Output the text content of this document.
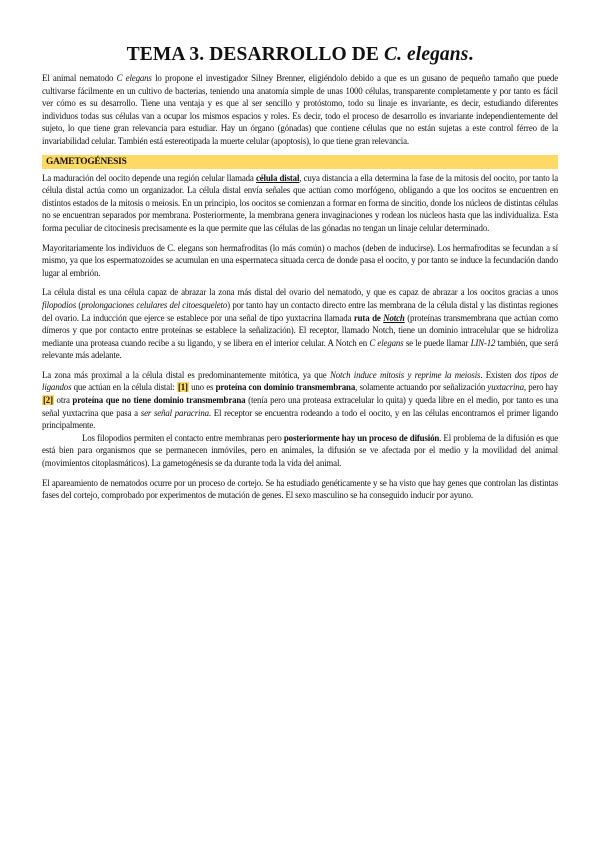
TEMA 3. DESARROLLO DE C. elegans.

El animal nematodo C elegans lo propone el investigador Silney Brenner, eligiéndolo debido a que es un gusano de pequeño tamaño que puede cultivarse fácilmente en un cultivo de bacterias, teniendo una anatomía simple de unas 1000 células, transparente completamente y por tanto es fácil ver cómo es su desarrollo. Tiene una ventaja y es que al ser sencillo y protóstomo, todo su linaje es invariante, es decir, estudiando diferentes individuos todas sus células van a ocupar los mismos espacios y roles. Es decir, todo el proceso de desarrollo es invariante independientemente del sujeto, lo que tiene gran relevancia para estudiar. Hay un órgano (gónadas) que contiene células que no están sujetas a este control férreo de la invariabilidad celular. También está estereotipada la muerte celular (apoptosis), lo que tiene gran relevancia.

GAMETOGÉNESIS

La maduración del oocito depende una región celular llamada célula distal, cuya distancia a ella determina la fase de la mitosis del oocito, por tanto la célula distal actúa como un organizador. La célula distal envía señales que actúan como morfógeno, obligando a que los oocitos se encuentren en distintos estados de la mitosis o meiosis. En un principio, los oocitos se comienzan a formar en forma de sincitio, donde los núcleos de distintas células no se encuentran separados por membrana. Posteriormente, la membrana genera invaginaciones y rodean los núcleos hasta que las individualiza. Esta forma peculiar de citocinesis precisamente es la que permite que las células de las gónadas no tengan un linaje celular determinado.

Mayoritariamente los individuos de C. elegans son hermafroditas (lo más común) o machos (deben de inducirse). Los hermafroditas se fecundan a sí mismo, ya que los espermatozoides se acumulan en una espermateca situada cerca de donde pasa el oocito, y por tanto se induce la fecundación dando lugar al embrión.

La célula distal es una célula capaz de abrazar la zona más distal del ovario del nematodo, y que es capaz de abrazar a los oocitos gracias a unos filopodios (prolongaciones celulares del citoesqueleto) por tanto hay un contacto directo entre las membrana de la célula distal y las distintas regiones del ovario. La inducción que ejerce se establece por una señal de tipo yuxtacrina llamada ruta de Notch (proteínas transmembrana que actúan como dímeros y que por contacto entre proteínas se establece la señalización). El receptor, llamado Notch, tiene un dominio intracelular que se hidroliza mediante una proteasa cuando recibe a su ligando, y se libera en el interior celular. A Notch en C elegans se le puede llamar LIN-12 también, que será relevante más adelante.

La zona más proximal a la célula distal es predominantemente mitótica, ya que Notch induce mitosis y reprime la meiosis. Existen dos tipos de ligandos que actúan en la célula distal: [1] uno es proteína con dominio transmembrana, solamente actuando por señalización yuxtacrina, pero hay [2] otra proteína que no tiene dominio transmembrana (tenía pero una proteasa extracelular lo quita) y queda libre en el medio, por tanto es una señal yuxtacrina que pasa a ser señal paracrina. El receptor se encuentra rodeando a todo el oocito, y en las células encontramos el primer ligando principalmente.

Los filopodios permiten el contacto entre membranas pero posteriormente hay un proceso de difusión. El problema de la difusión es que está bien para organismos que se permanecen inmóviles, pero en animales, la difusión se ve afectada por el medio y la movilidad del animal (movimientos citoplasmáticos). La gametogénesis se da durante toda la vida del animal.

El apareamiento de nematodos ocurre por un proceso de cortejo. Se ha estudiado genéticamente y se ha visto que hay genes que controlan las distintas fases del cortejo, comprobado por experimentos de mutación de genes. El sexo masculino se ha conseguido inducir por ayuno.
